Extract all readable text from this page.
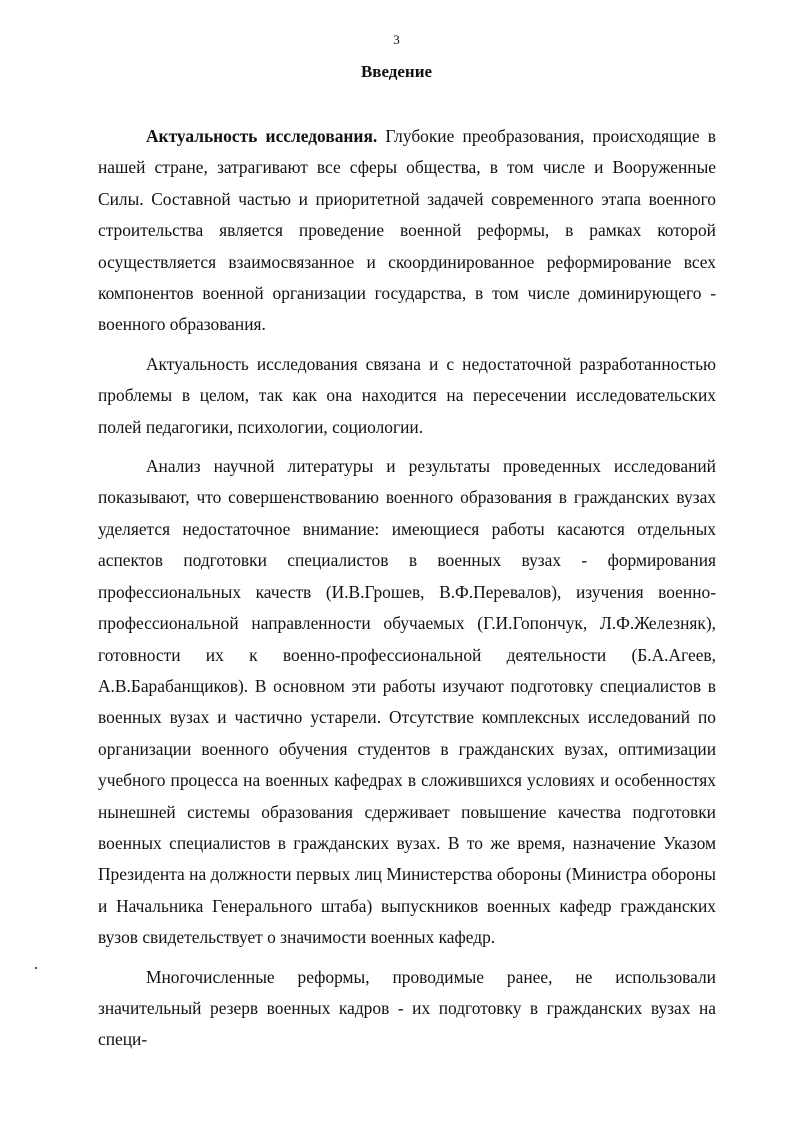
3
Введение

Актуальность исследования. Глубокие преобразования, происходящие в нашей стране, затрагивают все сферы общества, в том числе и Вооруженные Силы. Составной частью и приоритетной задачей современного этапа военного строительства является проведение военной реформы, в рамках которой осуществляется взаимосвязанное и скоординированное реформирование всех компонентов военной организации государства, в том числе доминирующего - военного образования.

Актуальность исследования связана и с недостаточной разработанностью проблемы в целом, так как она находится на пересечении исследовательских полей педагогики, психологии, социологии.

Анализ научной литературы и результаты проведенных исследований показывают, что совершенствованию военного образования в гражданских вузах уделяется недостаточное внимание: имеющиеся работы касаются отдельных аспектов подготовки специалистов в военных вузах - формирования профессиональных качеств (И.В.Грошев, В.Ф.Перевалов), изучения военно-профессиональной направленности обучаемых (Г.И.Гопончук, Л.Ф.Железняк), готовности их к военно-профессиональной деятельности (Б.А.Агеев, А.В.Барабанщиков). В основном эти работы изучают подготовку специалистов в военных вузах и частично устарели. Отсутствие комплексных исследований по организации военного обучения студентов в гражданских вузах, оптимизации учебного процесса на военных кафедрах в сложившихся условиях и особенностях нынешней системы образования сдерживает повышение качества подготовки военных специалистов в гражданских вузах. В то же время, назначение Указом Президента на должности первых лиц Министерства обороны (Министра обороны и Начальника Генерального штаба) выпускников военных кафедр гражданских вузов свидетельствует о значимости военных кафедр.

Многочисленные реформы, проводимые ранее, не использовали значительный резерв военных кадров - их подготовку в гражданских вузах на специ-
